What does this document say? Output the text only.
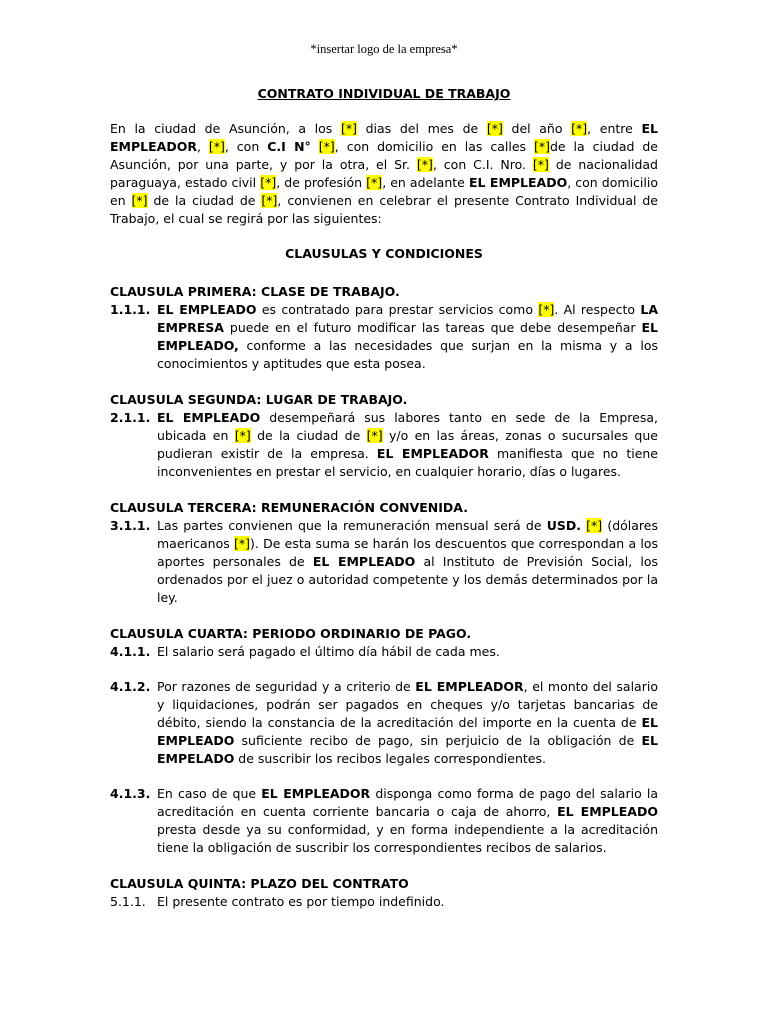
*insertar logo de la empresa*
CONTRATO INDIVIDUAL DE TRABAJO

En la ciudad de Asunción, a los [*] dias del mes de [*] del año [*], entre EL EMPLEADOR, [*], con C.I N° [*], con domicilio en las calles [*]de la ciudad de Asunción, por una parte, y por la otra, el Sr. [*], con C.I. Nro. [*] de nacionalidad paraguaya, estado civil [*], de profesión [*], en adelante EL EMPLEADO, con domicilio en [*] de la ciudad de [*], convienen en celebrar el presente Contrato Individual de Trabajo, el cual se regirá por las siguientes:

CLAUSULAS Y CONDICIONES

CLAUSULA PRIMERA: CLASE DE TRABAJO.

1.1.1. EL EMPLEADO es contratado para prestar servicios como [*]. Al respecto LA EMPRESA puede en el futuro modificar las tareas que debe desempeñar EL EMPLEADO, conforme a las necesidades que surjan en la misma y a los conocimientos y aptitudes que esta posea.

CLAUSULA SEGUNDA: LUGAR DE TRABAJO.

2.1.1. EL EMPLEADO desempeñará sus labores tanto en sede de la Empresa, ubicada en [*] de la ciudad de [*] y/o en las áreas, zonas o sucursales que pudieran existir de la empresa. EL EMPLEADOR manifiesta que no tiene inconvenientes en prestar el servicio, en cualquier horario, días o lugares.

CLAUSULA TERCERA: REMUNERACIÓN CONVENIDA.

3.1.1. Las partes convienen que la remuneración mensual será de USD. [*] (dólares maericanos [*]). De esta suma se harán los descuentos que correspondan a los aportes personales de EL EMPLEADO al Instituto de Previsión Social, los ordenados por el juez o autoridad competente y los demás determinados por la ley.

CLAUSULA CUARTA: PERIODO ORDINARIO DE PAGO.

4.1.1. El salario será pagado el último día hábil de cada mes.

4.1.2. Por razones de seguridad y a criterio de EL EMPLEADOR, el monto del salario y liquidaciones, podrán ser pagados en cheques y/o tarjetas bancarias de débito, siendo la constancia de la acreditación del importe en la cuenta de EL EMPLEADO suficiente recibo de pago, sin perjuicio de la obligación de EL EMPELADO de suscribir los recibos legales correspondientes.

4.1.3. En caso de que EL EMPLEADOR disponga como forma de pago del salario la acreditación en cuenta corriente bancaria o caja de ahorro, EL EMPLEADO presta desde ya su conformidad, y en forma independiente a la acreditación tiene la obligación de suscribir los correspondientes recibos de salarios.

CLAUSULA QUINTA: PLAZO DEL CONTRATO

5.1.1. El presente contrato es por tiempo indefinido.
